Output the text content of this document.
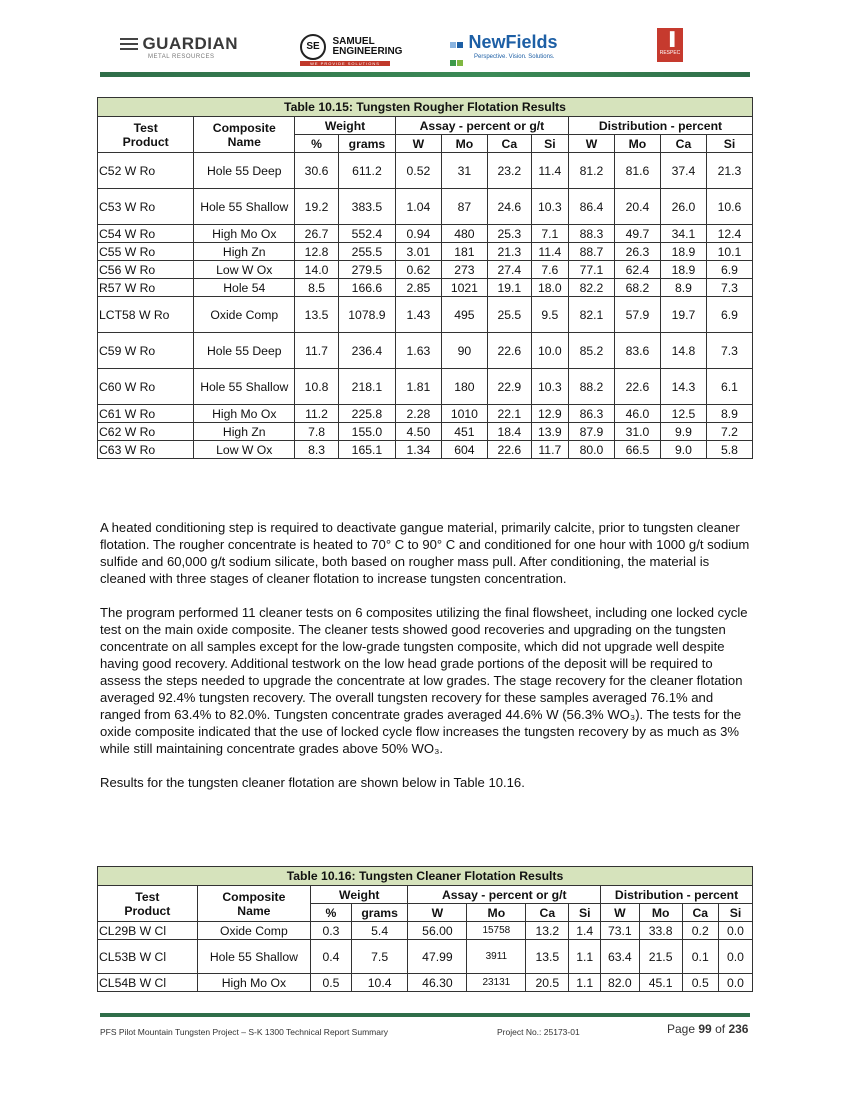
GUARDIAN
METAL RESOURCES
SE SAMUEL
ENGINEERING
WE PROVIDE SOLUTIONS

NewFields
Perspective. Vision. Solutions.
▐
RESPEC
Table 10.15: Tungsten Rougher Flotation Results											
Test
Product	Composite
Name	Weight		Assay - percent or g/t				Distribution - percent			
		%	grams	W	Mo	Ca	Si	W	Mo	Ca	Si
C52 W Ro	Hole 55 Deep	30.6	611.2	0.52	31	23.2	11.4	81.2	81.6	37.4	21.3
C53 W Ro	Hole 55 Shallow	19.2	383.5	1.04	87	24.6	10.3	86.4	20.4	26.0	10.6
C54 W Ro	High Mo Ox	26.7	552.4	0.94	480	25.3	7.1	88.3	49.7	34.1	12.4
C55 W Ro	High Zn	12.8	255.5	3.01	181	21.3	11.4	88.7	26.3	18.9	10.1
C56 W Ro	Low W Ox	14.0	279.5	0.62	273	27.4	7.6	77.1	62.4	18.9	6.9
R57 W Ro	Hole 54	8.5	166.6	2.85	1021	19.1	18.0	82.2	68.2	8.9	7.3
LCT58 W Ro	Oxide Comp	13.5	1078.9	1.43	495	25.5	9.5	82.1	57.9	19.7	6.9
C59 W Ro	Hole 55 Deep	11.7	236.4	1.63	90	22.6	10.0	85.2	83.6	14.8	7.3
C60 W Ro	Hole 55 Shallow	10.8	218.1	1.81	180	22.9	10.3	88.2	22.6	14.3	6.1
C61 W Ro	High Mo Ox	11.2	225.8	2.28	1010	22.1	12.9	86.3	46.0	12.5	8.9
C62 W Ro	High Zn	7.8	155.0	4.50	451	18.4	13.9	87.9	31.0	9.9	7.2
C63 W Ro	Low W Ox	8.3	165.1	1.34	604	22.6	11.7	80.0	66.5	9.0	5.8

A heated conditioning step is required to deactivate gangue material, primarily calcite, prior to tungsten cleaner flotation. The rougher concentrate is heated to 70° C to 90° C and conditioned for one hour with 1000 g/t sodium sulfide and 60,000 g/t sodium silicate, both based on rougher mass pull. After conditioning, the material is cleaned with three stages of cleaner flotation to increase tungsten concentration.

The program performed 11 cleaner tests on 6 composites utilizing the final flowsheet, including one locked cycle test on the main oxide composite. The cleaner tests showed good recoveries and upgrading on the tungsten concentrate on all samples except for the low-grade tungsten composite, which did not upgrade well despite having good recovery. Additional testwork on the low head grade portions of the deposit will be required to assess the steps needed to upgrade the concentrate at low grades. The stage recovery for the cleaner flotation averaged 92.4% tungsten recovery. The overall tungsten recovery for these samples averaged 76.1% and ranged from 63.4% to 82.0%. Tungsten concentrate grades averaged 44.6% W (56.3% WO₃). The tests for the oxide composite indicated that the use of locked cycle flow increases the tungsten recovery by as much as 3% while still maintaining concentrate grades above 50% WO₃.

Results for the tungsten cleaner flotation are shown below in Table 10.16.

Table 10.16: Tungsten Cleaner Flotation Results											
Test
Product	Composite
Name	Weight		Assay - percent or g/t				Distribution - percent			
		%	grams	W	Mo	Ca	Si	W	Mo	Ca	Si
CL29B W Cl	Oxide Comp	0.3	5.4	56.00	15758	13.2	1.4	73.1	33.8	0.2	0.0
CL53B W Cl	Hole 55 Shallow	0.4	7.5	47.99	3911	13.5	1.1	63.4	21.5	0.1	0.0
CL54B W Cl	High Mo Ox	0.5	10.4	46.30	23131	20.5	1.1	82.0	45.1	0.5	0.0
PFS Pilot Mountain Tungsten Project – S-K 1300 Technical Report Summary	Project No.: 25173-01	Page 99 of 236
